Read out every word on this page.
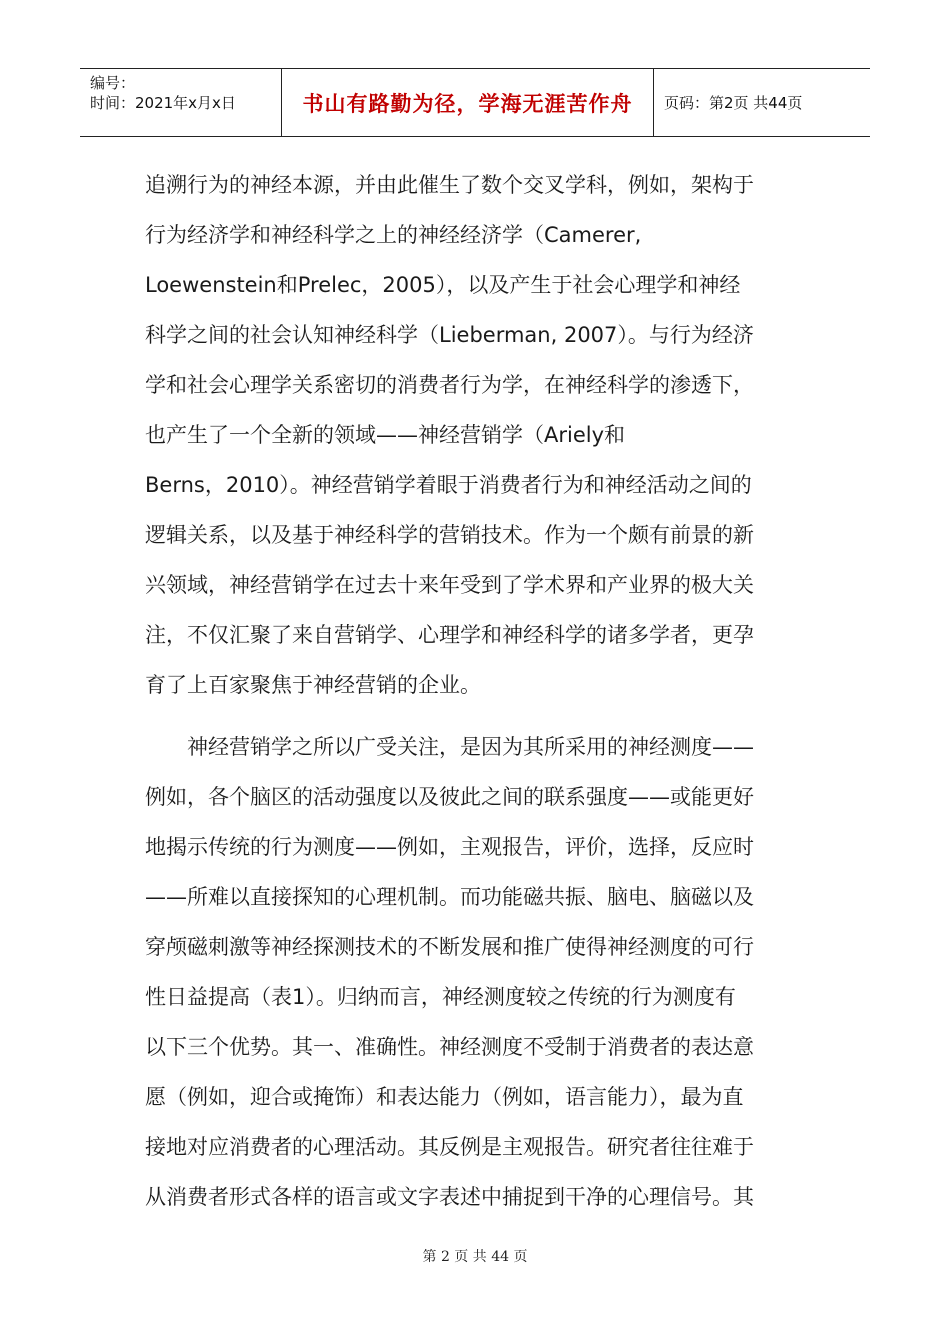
编号：
时间：2021年x月x日	书山有路勤为径，学海无涯苦作舟	页码：第2页 共44页
追溯行为的神经本源，并由此催生了数个交叉学科，例如，架构于
行为经济学和神经科学之上的神经经济学（Camerer,
Loewenstein和Prelec，2005），以及产生于社会心理学和神经
科学之间的社会认知神经科学（Lieberman, 2007）。与行为经济
学和社会心理学关系密切的消费者行为学，在神经科学的渗透下，
也产生了一个全新的领域——神经营销学（Ariely和
Berns，2010）。神经营销学着眼于消费者行为和神经活动之间的
逻辑关系，以及基于神经科学的营销技术。作为一个颇有前景的新
兴领域，神经营销学在过去十来年受到了学术界和产业界的极大关
注，不仅汇聚了来自营销学、心理学和神经科学的诸多学者，更孕
育了上百家聚焦于神经营销的企业。
　　神经营销学之所以广受关注，是因为其所采用的神经测度——
例如，各个脑区的活动强度以及彼此之间的联系强度——或能更好
地揭示传统的行为测度——例如，主观报告，评价，选择，反应时
——所难以直接探知的心理机制。而功能磁共振、脑电、脑磁以及
穿颅磁刺激等神经探测技术的不断发展和推广使得神经测度的可行
性日益提高（表1）。归纳而言，神经测度较之传统的行为测度有
以下三个优势。其一、准确性。神经测度不受制于消费者的表达意
愿（例如，迎合或掩饰）和表达能力（例如，语言能力），最为直
接地对应消费者的心理活动。其反例是主观报告。研究者往往难于
从消费者形式各样的语言或文字表述中捕捉到干净的心理信号。其
第 2 页 共 44 页
